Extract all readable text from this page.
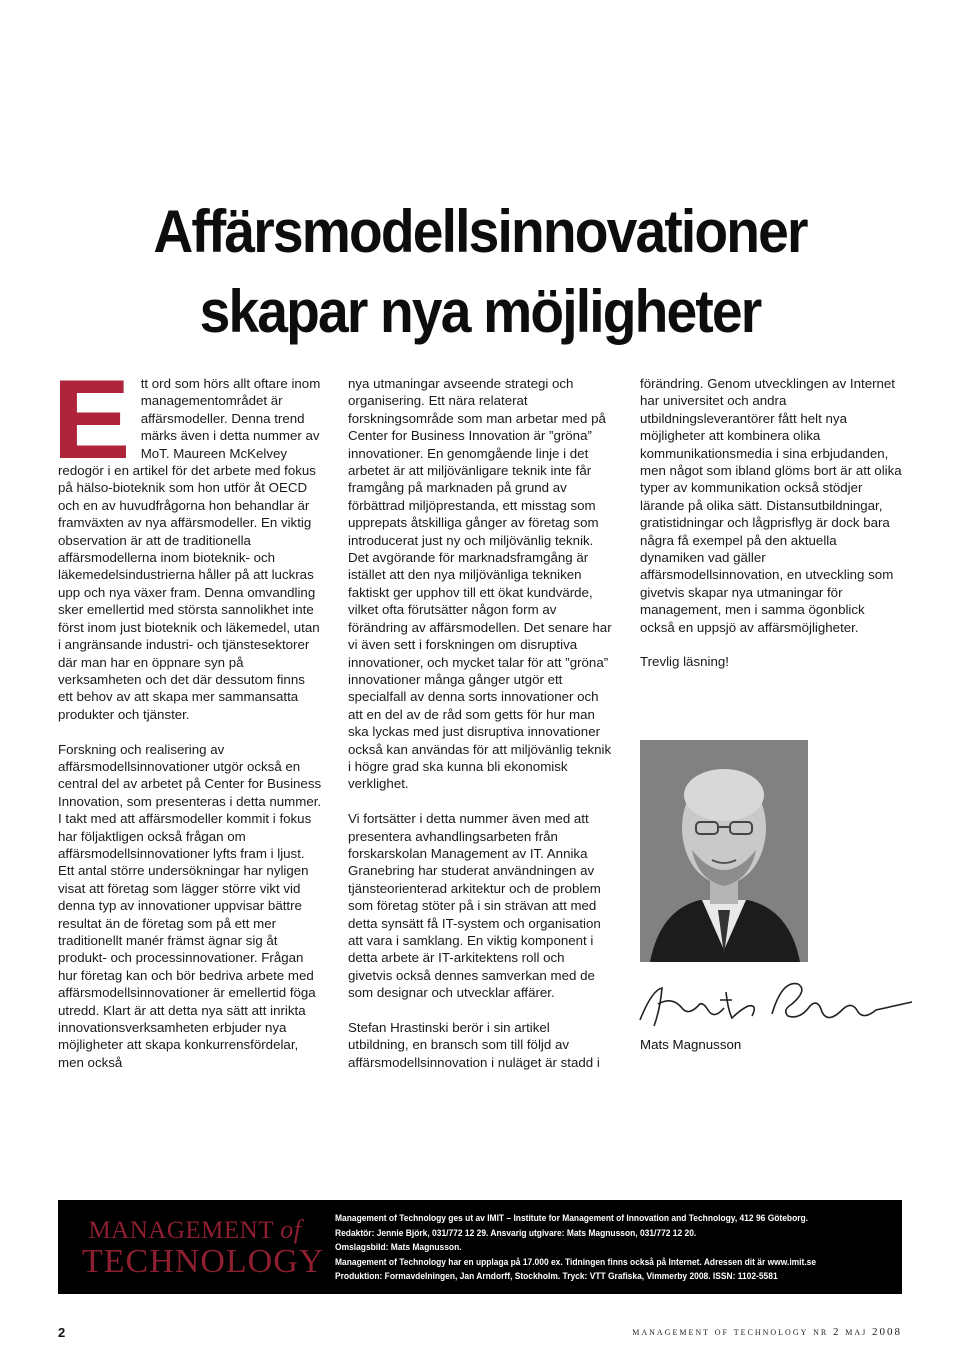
Affärsmodellsinnovationer
skapar nya möjligheter

Ett ord som hörs allt oftare inom managementområdet är affärsmodeller. Denna trend märks även i detta nummer av MoT. Maureen McKelvey redogör i en artikel för det arbete med fokus på hälso-bioteknik som hon utför åt OECD och en av huvudfrågorna hon behandlar är framväxten av nya affärsmodeller. En viktig observation är att de traditionella affärsmodellerna inom bioteknik- och läkemedelsindustrierna håller på att luckras upp och nya växer fram. Denna omvandling sker emellertid med största sannolikhet inte först inom just bioteknik och läkemedel, utan i angränsande industri- och tjänstesektorer där man har en öppnare syn på verksamheten och det där dessutom finns ett behov av att skapa mer sammansatta produkter och tjänster.

Forskning och realisering av affärsmodellsinnovationer utgör också en central del av arbetet på Center for Business Innovation, som presenteras i detta nummer. I takt med att affärsmodeller kommit i fokus har följaktligen också frågan om affärsmodellsinnovationer lyfts fram i ljust. Ett antal större undersökningar har nyligen visat att företag som lägger större vikt vid denna typ av innovationer uppvisar bättre resultat än de företag som på ett mer traditionellt manér främst ägnar sig åt produkt- och processinnovationer. Frågan hur företag kan och bör bedriva arbete med affärsmodellsinnovationer är emellertid föga utredd. Klart är att detta nya sätt att inrikta innovationsverksamheten erbjuder nya möjligheter att skapa konkurrensfördelar, men också

nya utmaningar avseende strategi och organisering. Ett nära relaterat forskningsområde som man arbetar med på Center for Business Innovation är ”gröna” innovationer. En genomgående linje i det arbetet är att miljövänligare teknik inte får framgång på marknaden på grund av förbättrad miljöprestanda, ett misstag som upprepats åtskilliga gånger av företag som introducerat just ny och miljövänlig teknik. Det avgörande för marknadsframgång är istället att den nya miljövänliga tekniken faktiskt ger upphov till ett ökat kundvärde, vilket ofta förutsätter någon form av förändring av affärsmodellen. Det senare har vi även sett i forskningen om disruptiva innovationer, och mycket talar för att ”gröna” innovationer många gånger utgör ett specialfall av denna sorts innovationer och att en del av de råd som getts för hur man ska lyckas med just disruptiva innovationer också kan användas för att miljövänlig teknik i högre grad ska kunna bli ekonomisk verklighet.

Vi fortsätter i detta nummer även med att presentera avhandlingsarbeten från forskarskolan Management av IT. Annika Granebring har studerat användningen av tjänsteorienterad arkitektur och de problem som företag stöter på i sin strävan att med detta synsätt få IT-system och organisation att vara i samklang. En viktig komponent i detta arbete är IT-arkitektens roll och givetvis också dennes samverkan med de som designar och utvecklar affärer.

Stefan Hrastinski berör i sin artikel utbildning, en bransch som till följd av affärsmodellsinnovation i nuläget är stadd i

förändring. Genom utvecklingen av Internet har universitet och andra utbildningsleverantörer fått helt nya möjligheter att kombinera olika kommunikationsmedia i sina erbjudanden, men något som ibland glöms bort är att olika typer av kommunikation också stödjer lärande på olika sätt. Distansutbildningar, gratistidningar och lågprisflyg är dock bara några få exempel på den aktuella dynamiken vad gäller affärsmodellsinnovation, en utveckling som givetvis skapar nya utmaningar för management, men i samma ögonblick också en uppsjö av affärsmöjligheter.

Trevlig läsning!

Mats Magnusson
MANAGEMENT of
TECHNOLOGY
Management of Technology ges ut av IMIT – Institute for Management of Innovation and Technology, 412 96 Göteborg.
Redaktör: Jennie Björk, 031/772 12 29. Ansvarig utgivare: Mats Magnusson, 031/772 12 20.
Omslagsbild: Mats Magnusson.
Management of Technology har en upplaga på 17.000 ex. Tidningen finns också på Internet. Adressen dit är www.imit.se
Produktion: Formavdelningen, Jan Arndorff, Stockholm. Tryck: VTT Grafiska, Vimmerby 2008. ISSN: 1102-5581
2	management of technology nr 2 maj 2008
